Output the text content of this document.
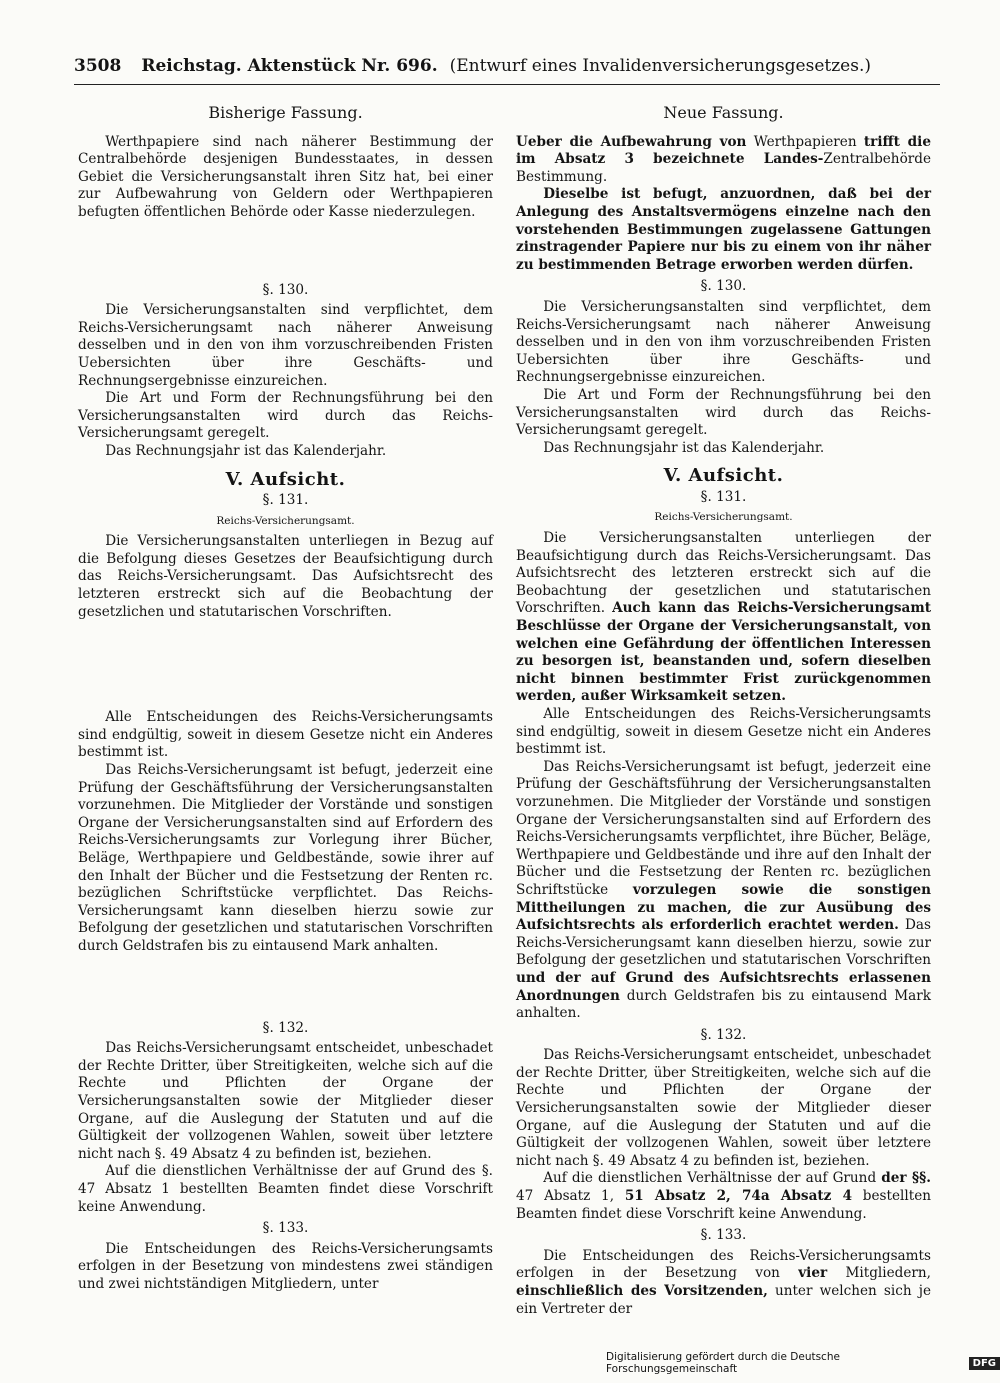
3508 Reichstag. Aktenstück Nr. 696. (Entwurf eines Invalidenversicherungsgesetzes.)
Bisherige Fassung.

Werthpapiere sind nach näherer Bestimmung der Centralbehörde desjenigen Bundesstaates, in dessen Gebiet die Versicherungsanstalt ihren Sitz hat, bei einer zur Aufbewahrung von Geldern oder Werthpapieren befugten öffentlichen Behörde oder Kasse niederzulegen.

§. 130.

Die Versicherungsanstalten sind verpflichtet, dem Reichs-Versicherungsamt nach näherer Anweisung desselben und in den von ihm vorzuschreibenden Fristen Uebersichten über ihre Geschäfts- und Rechnungsergebnisse einzureichen.

Die Art und Form der Rechnungsführung bei den Versicherungsanstalten wird durch das Reichs-Versicherungsamt geregelt.

Das Rechnungsjahr ist das Kalenderjahr.

V. Aufsicht.
§. 131.
Reichs-Versicherungsamt.

Die Versicherungsanstalten unterliegen in Bezug auf die Befolgung dieses Gesetzes der Beaufsichtigung durch das Reichs-Versicherungsamt. Das Aufsichtsrecht des letzteren erstreckt sich auf die Beobachtung der gesetzlichen und statutarischen Vorschriften.

Alle Entscheidungen des Reichs-Versicherungsamts sind endgültig, soweit in diesem Gesetze nicht ein Anderes bestimmt ist.

Das Reichs-Versicherungsamt ist befugt, jederzeit eine Prüfung der Geschäftsführung der Versicherungsanstalten vorzunehmen. Die Mitglieder der Vorstände und sonstigen Organe der Versicherungsanstalten sind auf Erfordern des Reichs-Versicherungsamts zur Vorlegung ihrer Bücher, Beläge, Werthpapiere und Geldbestände, sowie ihrer auf den Inhalt der Bücher und die Festsetzung der Renten rc. bezüglichen Schriftstücke verpflichtet. Das Reichs-Versicherungsamt kann dieselben hierzu sowie zur Befolgung der gesetzlichen und statutarischen Vorschriften durch Geldstrafen bis zu eintausend Mark anhalten.

§. 132.

Das Reichs-Versicherungsamt entscheidet, unbeschadet der Rechte Dritter, über Streitigkeiten, welche sich auf die Rechte und Pflichten der Organe der Versicherungsanstalten sowie der Mitglieder dieser Organe, auf die Auslegung der Statuten und auf die Gültigkeit der vollzogenen Wahlen, soweit über letztere nicht nach §. 49 Absatz 4 zu befinden ist, beziehen.

Auf die dienstlichen Verhältnisse der auf Grund des §. 47 Absatz 1 bestellten Beamten findet diese Vorschrift keine Anwendung.

§. 133.

Die Entscheidungen des Reichs-Versicherungsamts erfolgen in der Besetzung von mindestens zwei ständigen und zwei nichtständigen Mitgliedern, unter

Neue Fassung.

Ueber die Aufbewahrung von Werthpapieren trifft die im Absatz 3 bezeichnete Landes-Zentralbehörde Bestimmung.

Dieselbe ist befugt, anzuordnen, daß bei der Anlegung des Anstaltsvermögens einzelne nach den vorstehenden Bestimmungen zugelassene Gattungen zinstragender Papiere nur bis zu einem von ihr näher zu bestimmenden Betrage erworben werden dürfen.

§. 130.

Die Versicherungsanstalten sind verpflichtet, dem Reichs-Versicherungsamt nach näherer Anweisung desselben und in den von ihm vorzuschreibenden Fristen Uebersichten über ihre Geschäfts- und Rechnungsergebnisse einzureichen.

Die Art und Form der Rechnungsführung bei den Versicherungsanstalten wird durch das Reichs-Versicherungsamt geregelt.

Das Rechnungsjahr ist das Kalenderjahr.

V. Aufsicht.
§. 131.
Reichs-Versicherungsamt.

Die Versicherungsanstalten unterliegen der Beaufsichtigung durch das Reichs-Versicherungsamt. Das Aufsichtsrecht des letzteren erstreckt sich auf die Beobachtung der gesetzlichen und statutarischen Vorschriften. Auch kann das Reichs-Versicherungsamt Beschlüsse der Organe der Versicherungsanstalt, von welchen eine Gefährdung der öffentlichen Interessen zu besorgen ist, beanstanden und, sofern dieselben nicht binnen bestimmter Frist zurückgenommen werden, außer Wirksamkeit setzen.

Alle Entscheidungen des Reichs-Versicherungsamts sind endgültig, soweit in diesem Gesetze nicht ein Anderes bestimmt ist.

Das Reichs-Versicherungsamt ist befugt, jederzeit eine Prüfung der Geschäftsführung der Versicherungsanstalten vorzunehmen. Die Mitglieder der Vorstände und sonstigen Organe der Versicherungsanstalten sind auf Erfordern des Reichs-Versicherungsamts verpflichtet, ihre Bücher, Beläge, Werthpapiere und Geldbestände und ihre auf den Inhalt der Bücher und die Festsetzung der Renten rc. bezüglichen Schriftstücke vorzulegen sowie die sonstigen Mittheilungen zu machen, die zur Ausübung des Aufsichtsrechts als erforderlich erachtet werden. Das Reichs-Versicherungsamt kann dieselben hierzu, sowie zur Befolgung der gesetzlichen und statutarischen Vorschriften und der auf Grund des Aufsichtsrechts erlassenen Anordnungen durch Geldstrafen bis zu eintausend Mark anhalten.

§. 132.

Das Reichs-Versicherungsamt entscheidet, unbeschadet der Rechte Dritter, über Streitigkeiten, welche sich auf die Rechte und Pflichten der Organe der Versicherungsanstalten sowie der Mitglieder dieser Organe, auf die Auslegung der Statuten und auf die Gültigkeit der vollzogenen Wahlen, soweit über letztere nicht nach §. 49 Absatz 4 zu befinden ist, beziehen.

Auf die dienstlichen Verhältnisse der auf Grund der §§. 47 Absatz 1, 51 Absatz 2, 74a Absatz 4 bestellten Beamten findet diese Vorschrift keine Anwendung.

§. 133.

Die Entscheidungen des Reichs-Versicherungsamts erfolgen in der Besetzung von vier Mitgliedern, einschließlich des Vorsitzenden, unter welchen sich je ein Vertreter der

Digitalisierung gefördert durch die Deutsche Forschungsgemeinschaft	DFG
